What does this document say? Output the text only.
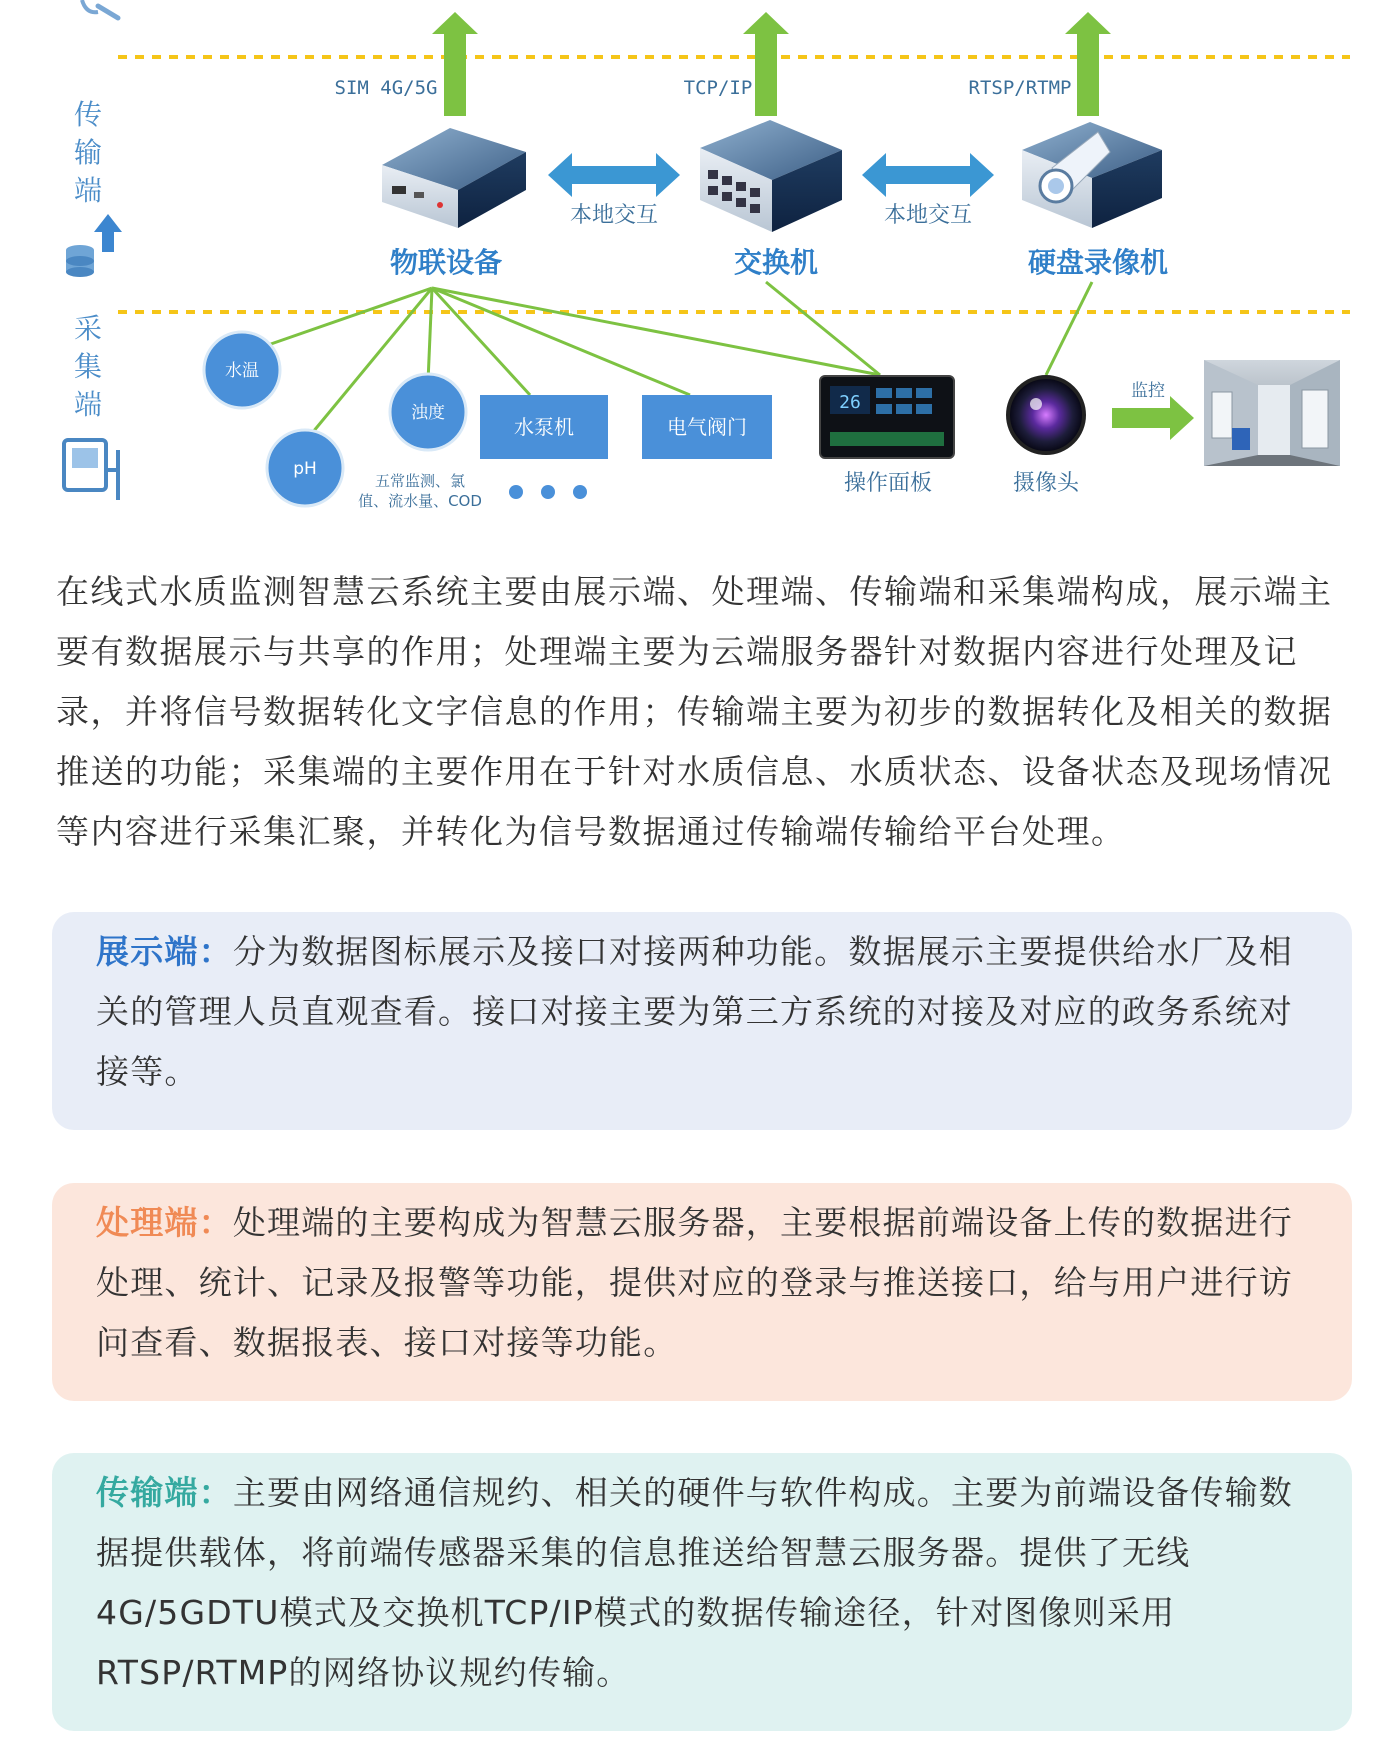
传
输
端
采
集
端
SIM 4G/5G	TCP/IP	RTSP/RTMP
本地交互	本地交互
物联设备	交换机	硬盘录像机
水温
pH
浊度
水泵机	电气阀门
五常监测、氯
值、流水量、COD
26
操作面板	摄像头
监控

在线式水质监测智慧云系统主要由展示端、处理端、传输端和采集端构成，展示端主要有数据展示与共享的作用；处理端主要为云端服务器针对数据内容进行处理及记录，并将信号数据转化文字信息的作用；传输端主要为初步的数据转化及相关的数据推送的功能；采集端的主要作用在于针对水质信息、水质状态、设备状态及现场情况等内容进行采集汇聚，并转化为信号数据通过传输端传输给平台处理。

展示端：分为数据图标展示及接口对接两种功能。数据展示主要提供给水厂及相关的管理人员直观查看。接口对接主要为第三方系统的对接及对应的政务系统对接等。
处理端：处理端的主要构成为智慧云服务器，主要根据前端设备上传的数据进行处理、统计、记录及报警等功能，提供对应的登录与推送接口，给与用户进行访问查看、数据报表、接口对接等功能。
传输端：主要由网络通信规约、相关的硬件与软件构成。主要为前端设备传输数据提供载体，将前端传感器采集的信息推送给智慧云服务器。提供了无线4G/5GDTU模式及交换机TCP/IP模式的数据传输途径，针对图像则采用RTSP/RTMP的网络协议规约传输。
